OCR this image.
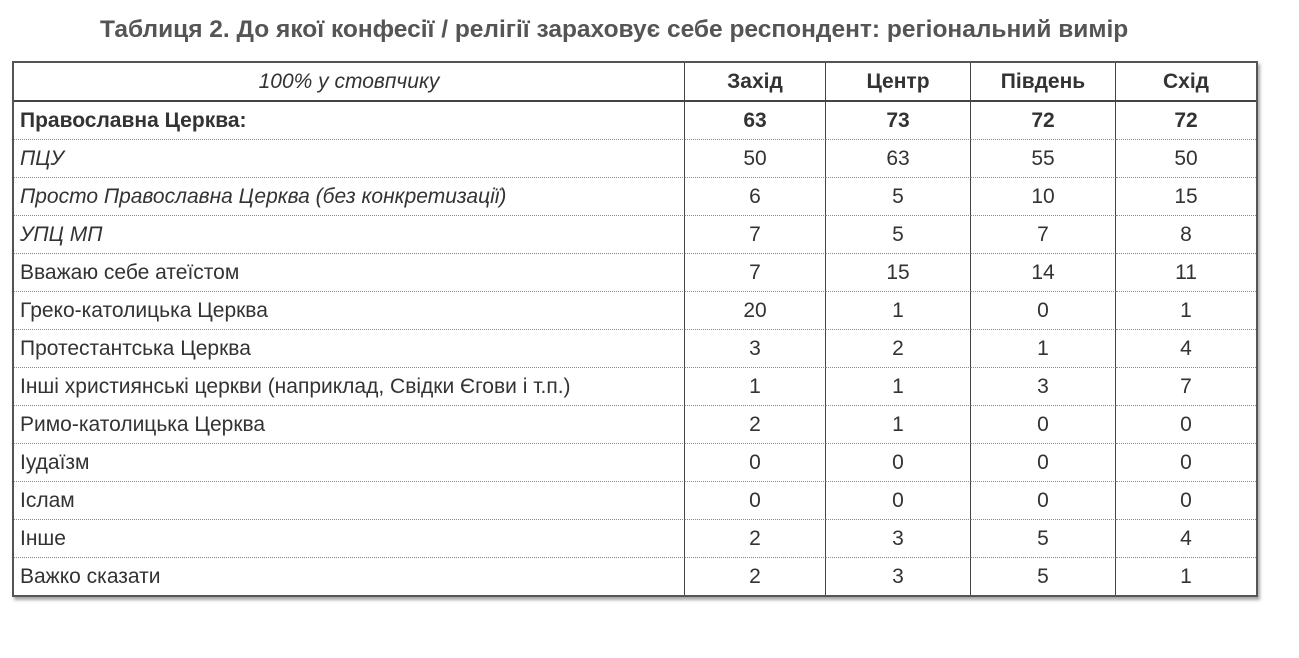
Таблиця 2. До якої конфесії / релігії зараховує себе респондент: регіональний вимір
100% у стовпчику	Захід	Центр	Південь	Схід
Православна Церква:	63	73	72	72
ПЦУ	50	63	55	50
Просто Православна Церква (без конкретизації)	6	5	10	15
УПЦ МП	7	5	7	8
Вважаю себе атеїстом	7	15	14	11
Греко-католицька Церква	20	1	0	1
Протестантська Церква	3	2	1	4
Інші християнські церкви (наприклад, Свідки Єгови і т.п.)	1	1	3	7
Римо-католицька Церква	2	1	0	0
Іудаїзм	0	0	0	0
Іслам	0	0	0	0
Інше	2	3	5	4
Важко сказати	2	3	5	1
